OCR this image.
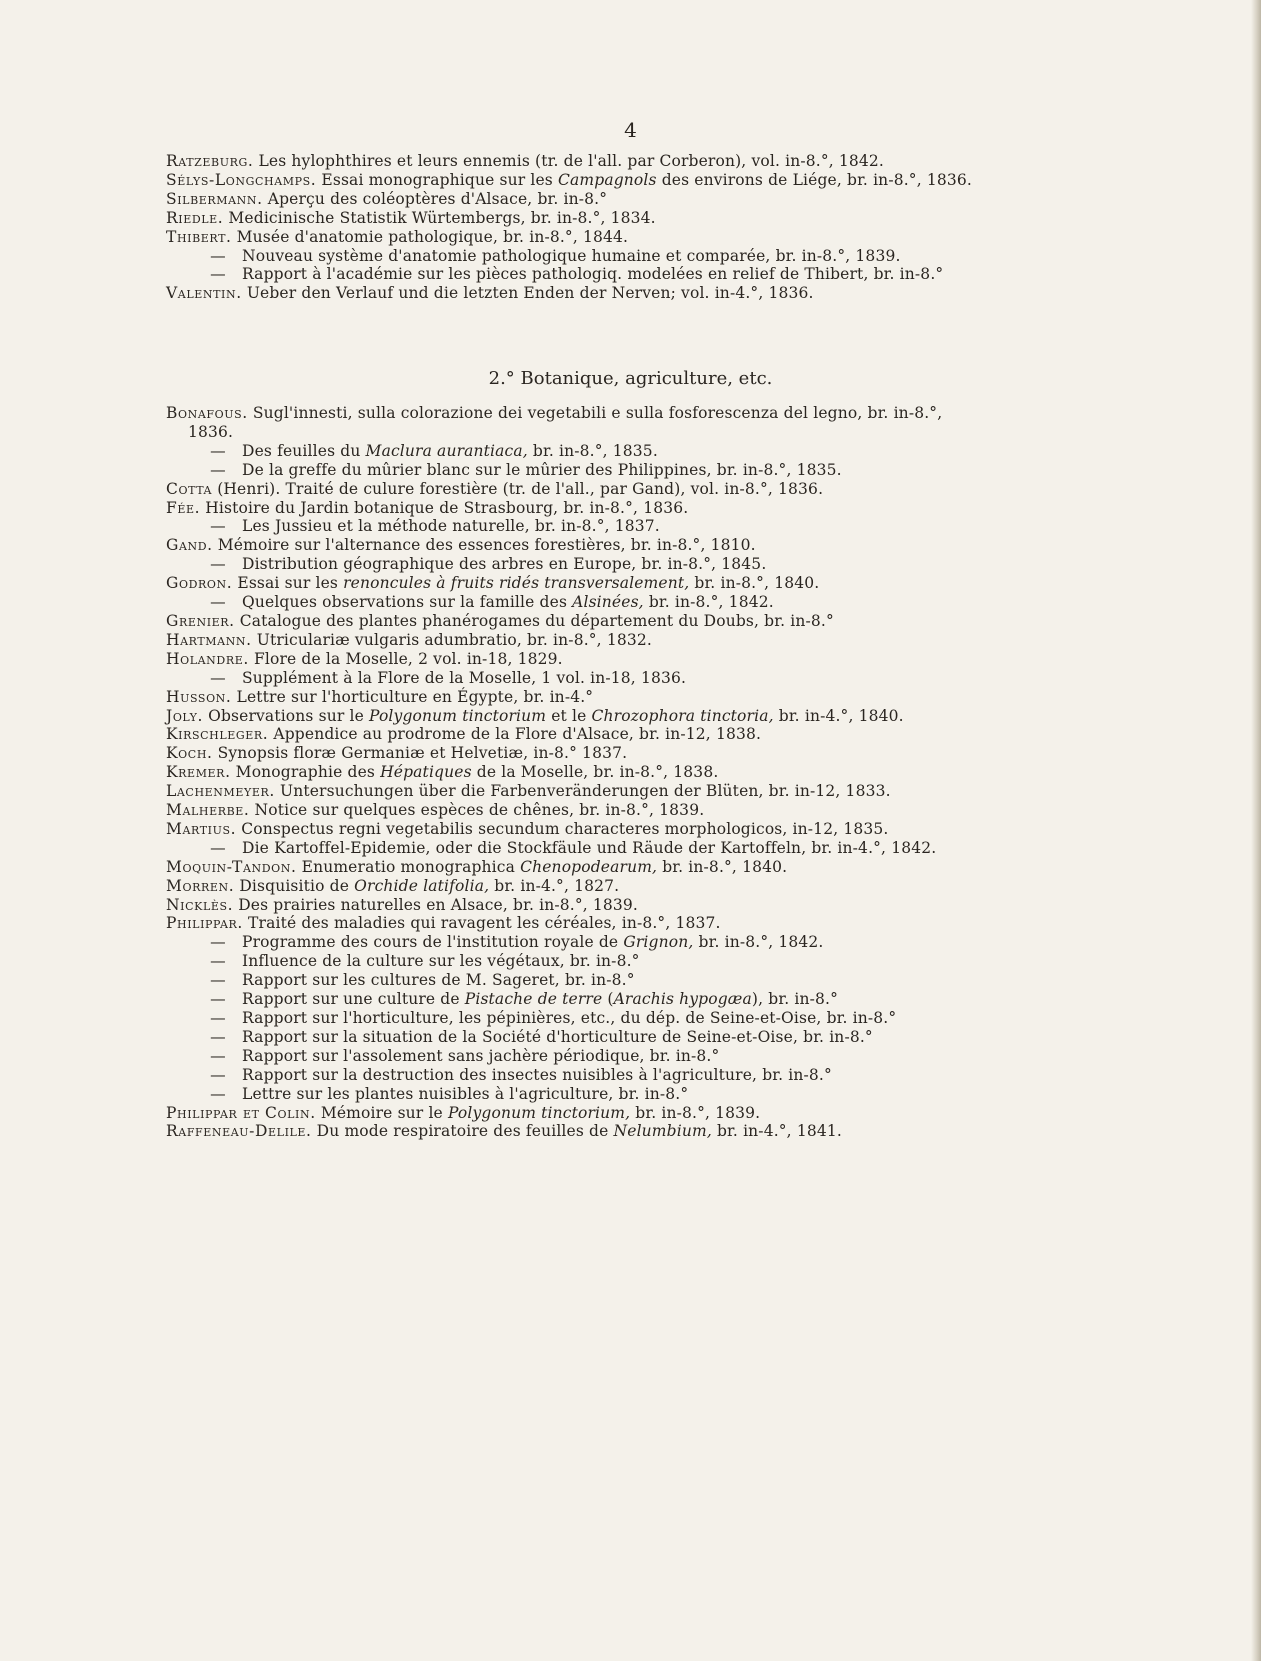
4
Ratzeburg. Les hylophthires et leurs ennemis (tr. de l'all. par Corberon), vol. in-8.°, 1842.
Sélys-Longchamps. Essai monographique sur les Campagnols des environs de Liége, br. in-8.°, 1836.
Silbermann. Aperçu des coléoptères d'Alsace, br. in-8.°
Riedle. Medicinische Statistik Würtembergs, br. in-8.°, 1834.
Thibert. Musée d'anatomie pathologique, br. in-8.°, 1844.
— Nouveau système d'anatomie pathologique humaine et comparée, br. in-8.°, 1839.
— Rapport à l'académie sur les pièces pathologiq. modelées en relief de Thibert, br. in-8.°
Valentin. Ueber den Verlauf und die letzten Enden der Nerven; vol. in-4.°, 1836.
2.° Botanique, agriculture, etc.
Bonafous. Sugl'innesti, sulla colorazione dei vegetabili e sulla fosforescenza del legno, br. in-8.°,
1836.
— Des feuilles du Maclura aurantiaca, br. in-8.°, 1835.
— De la greffe du mûrier blanc sur le mûrier des Philippines, br. in-8.°, 1835.
Cotta (Henri). Traité de culure forestière (tr. de l'all., par Gand), vol. in-8.°, 1836.
Fée. Histoire du Jardin botanique de Strasbourg, br. in-8.°, 1836.
— Les Jussieu et la méthode naturelle, br. in-8.°, 1837.
Gand. Mémoire sur l'alternance des essences forestières, br. in-8.°, 1810.
— Distribution géographique des arbres en Europe, br. in-8.°, 1845.
Godron. Essai sur les renoncules à fruits ridés transversalement, br. in-8.°, 1840.
— Quelques observations sur la famille des Alsinées, br. in-8.°, 1842.
Grenier. Catalogue des plantes phanérogames du département du Doubs, br. in-8.°
Hartmann. Utriculariæ vulgaris adumbratio, br. in-8.°, 1832.
Holandre. Flore de la Moselle, 2 vol. in-18, 1829.
— Supplément à la Flore de la Moselle, 1 vol. in-18, 1836.
Husson. Lettre sur l'horticulture en Égypte, br. in-4.°
Joly. Observations sur le Polygonum tinctorium et le Chrozophora tinctoria, br. in-4.°, 1840.
Kirschleger. Appendice au prodrome de la Flore d'Alsace, br. in-12, 1838.
Koch. Synopsis floræ Germaniæ et Helvetiæ, in-8.° 1837.
Kremer. Monographie des Hépatiques de la Moselle, br. in-8.°, 1838.
Lachenmeyer. Untersuchungen über die Farbenveränderungen der Blüten, br. in-12, 1833.
Malherbe. Notice sur quelques espèces de chênes, br. in-8.°, 1839.
Martius. Conspectus regni vegetabilis secundum characteres morphologicos, in-12, 1835.
— Die Kartoffel-Epidemie, oder die Stockfäule und Räude der Kartoffeln, br. in-4.°, 1842.
Moquin-Tandon. Enumeratio monographica Chenopodearum, br. in-8.°, 1840.
Morren. Disquisitio de Orchide latifolia, br. in-4.°, 1827.
Nicklès. Des prairies naturelles en Alsace, br. in-8.°, 1839.
Philippar. Traité des maladies qui ravagent les céréales, in-8.°, 1837.
— Programme des cours de l'institution royale de Grignon, br. in-8.°, 1842.
— Influence de la culture sur les végétaux, br. in-8.°
— Rapport sur les cultures de M. Sageret, br. in-8.°
— Rapport sur une culture de Pistache de terre (Arachis hypogæa), br. in-8.°
— Rapport sur l'horticulture, les pépinières, etc., du dép. de Seine-et-Oise, br. in-8.°
— Rapport sur la situation de la Société d'horticulture de Seine-et-Oise, br. in-8.°
— Rapport sur l'assolement sans jachère périodique, br. in-8.°
— Rapport sur la destruction des insectes nuisibles à l'agriculture, br. in-8.°
— Lettre sur les plantes nuisibles à l'agriculture, br. in-8.°
Philippar et Colin. Mémoire sur le Polygonum tinctorium, br. in-8.°, 1839.
Raffeneau-Delile. Du mode respiratoire des feuilles de Nelumbium, br. in-4.°, 1841.
